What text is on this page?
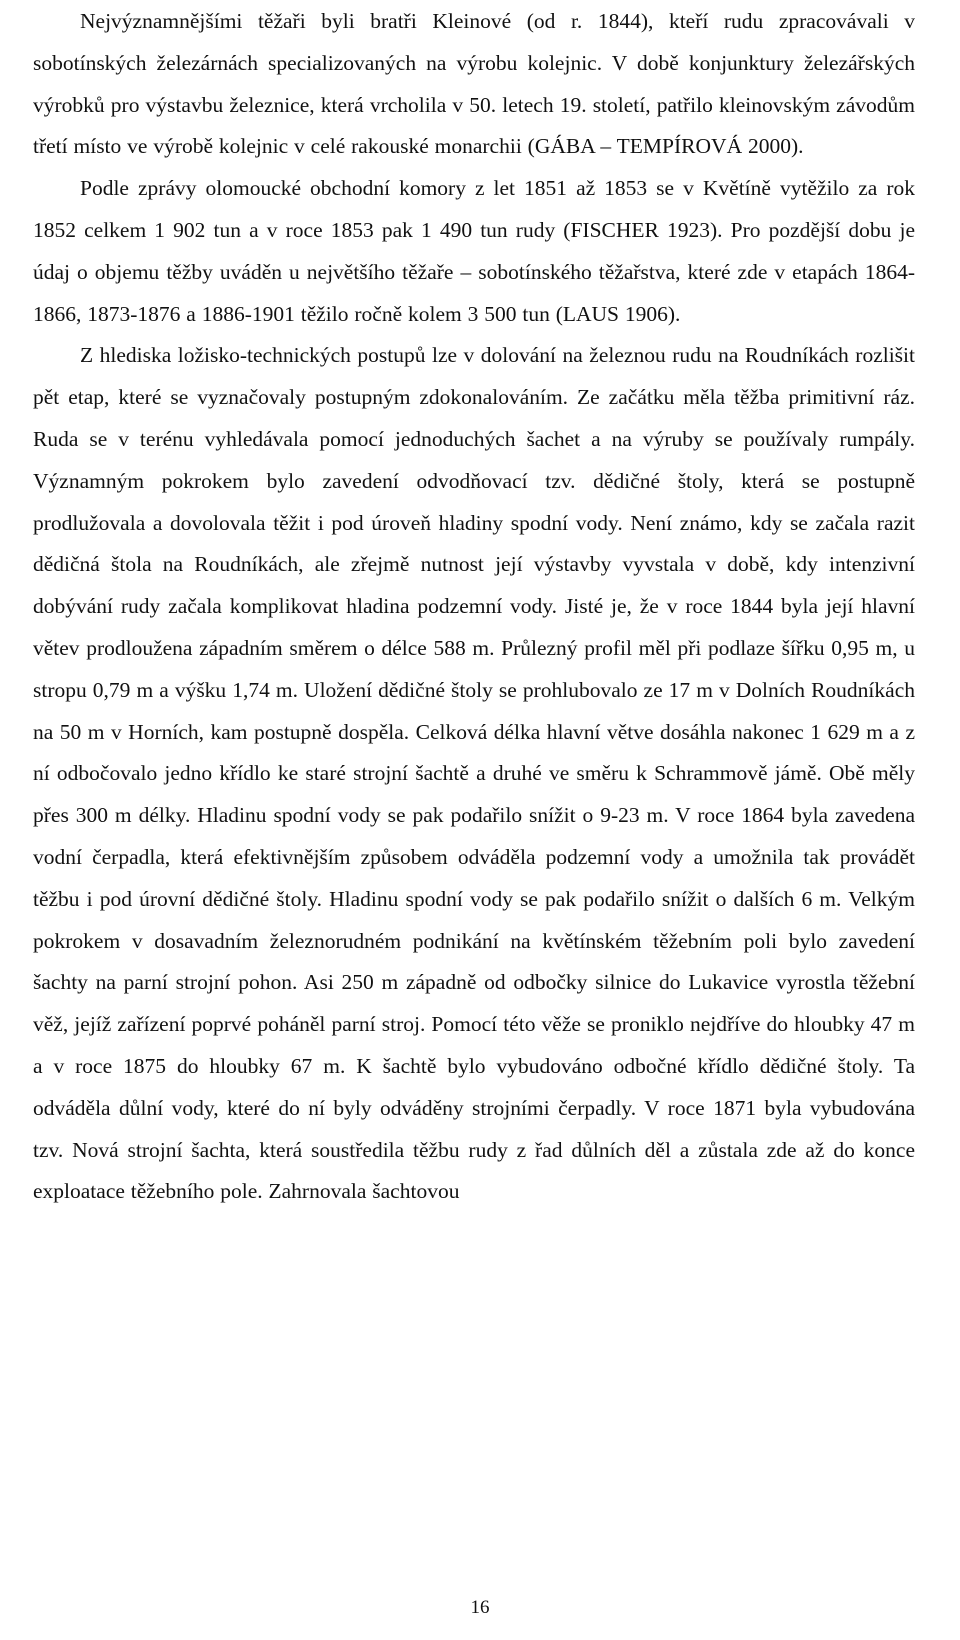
Nejvýznamnějšími těžaři byli bratři Kleinové (od r. 1844), kteří rudu zpracovávali v sobotínských železárnách specializovaných na výrobu kolejnic. V době konjunktury železářských výrobků pro výstavbu železnice, která vrcholila v 50. letech 19. století, patřilo kleinovským závodům třetí místo ve výrobě kolejnic v celé rakouské monarchii (GÁBA – TEMPÍROVÁ 2000).

Podle zprávy olomoucké obchodní komory z let 1851 až 1853 se v Květíně vytěžilo za rok 1852 celkem 1 902 tun a v roce 1853 pak 1 490 tun rudy (FISCHER 1923). Pro pozdější dobu je údaj o objemu těžby uváděn u největšího těžaře – sobotínského těžařstva, které zde v etapách 1864-1866, 1873-1876 a 1886-1901 těžilo ročně kolem 3 500 tun (LAUS 1906).

Z hlediska ložisko-technických postupů lze v dolování na železnou rudu na Roudníkách rozlišit pět etap, které se vyznačovaly postupným zdokonalováním. Ze začátku měla těžba primitivní ráz. Ruda se v terénu vyhledávala pomocí jednoduchých šachet a na výruby se používaly rumpály. Významným pokrokem bylo zavedení odvodňovací tzv. dědičné štoly, která se postupně prodlužovala a dovolovala těžit i pod úroveň hladiny spodní vody. Není známo, kdy se začala razit dědičná štola na Roudníkách, ale zřejmě nutnost její výstavby vyvstala v době, kdy intenzivní dobývání rudy začala komplikovat hladina podzemní vody. Jisté je, že v roce 1844 byla její hlavní větev prodloužena západním směrem o délce 588 m. Průlezný profil měl při podlaze šířku 0,95 m, u stropu 0,79 m a výšku 1,74 m. Uložení dědičné štoly se prohlubovalo ze 17 m v Dolních Roudníkách na 50 m v Horních, kam postupně dospěla. Celková délka hlavní větve dosáhla nakonec 1 629 m a z ní odbočovalo jedno křídlo ke staré strojní šachtě a druhé ve směru k Schrammově jámě. Obě měly přes 300 m délky. Hladinu spodní vody se pak podařilo snížit o 9-23 m. V roce 1864 byla zavedena vodní čerpadla, která efektivnějším způsobem odváděla podzemní vody a umožnila tak provádět těžbu i pod úrovní dědičné štoly. Hladinu spodní vody se pak podařilo snížit o dalších 6 m. Velkým pokrokem v dosavadním železnorudném podnikání na květínském těžebním poli bylo zavedení šachty na parní strojní pohon. Asi 250 m západně od odbočky silnice do Lukavice vyrostla těžební věž, jejíž zařízení poprvé poháněl parní stroj. Pomocí této věže se proniklo nejdříve do hloubky 47 m a v roce 1875 do hloubky 67 m. K šachtě bylo vybudováno odbočné křídlo dědičné štoly. Ta odváděla důlní vody, které do ní byly odváděny strojními čerpadly. V roce 1871 byla vybudována tzv. Nová strojní šachta, která soustředila těžbu rudy z řad důlních děl a zůstala zde až do konce exploatace těžebního pole. Zahrnovala šachtovou

16
